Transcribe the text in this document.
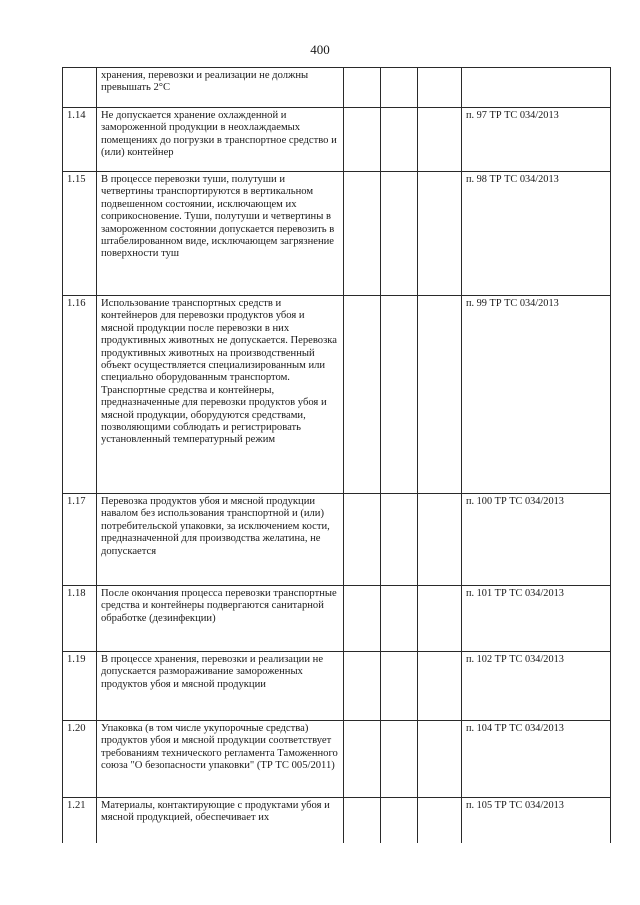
400
	хранения, перевозки и реализации не должны превышать 2°С				
1.14	Не допускается хранение охлажденной и замороженной продукции в неохлаждаемых помещениях до погрузки в транспортное средство и (или) контейнер				п. 97 ТР ТС 034/2013
1.15	В процессе перевозки туши, полутуши и четвертины транспортируются в вертикальном подвешенном состоянии, исключающем их соприкосновение. Туши, полутуши и четвертины в замороженном состоянии допускается перевозить в штабелированном виде, исключающем загрязнение поверхности туш				п. 98 ТР ТС 034/2013
1.16	Использование транспортных средств и контейнеров для перевозки продуктов убоя и мясной продукции после перевозки в них продуктивных животных не допускается. Перевозка продуктивных животных на производственный объект осуществляется специализированным или специально оборудованным транспортом. Транспортные средства и контейнеры, предназначенные для перевозки продуктов убоя и мясной продукции, оборудуются средствами, позволяющими соблюдать и регистрировать установленный температурный режим				п. 99 ТР ТС 034/2013
1.17	Перевозка продуктов убоя и мясной продукции навалом без использования транспортной и (или) потребительской упаковки, за исключением кости, предназначенной для производства желатина, не допускается				п. 100 ТР ТС 034/2013
1.18	После окончания процесса перевозки транспортные средства и контейнеры подвергаются санитарной обработке (дезинфекции)				п. 101 ТР ТС 034/2013
1.19	В процессе хранения, перевозки и реализации не допускается размораживание замороженных продуктов убоя и мясной продукции				п. 102 ТР ТС 034/2013
1.20	Упаковка (в том числе укупорочные средства) продуктов убоя и мясной продукции соответствует требованиям технического регламента Таможенного союза "О безопасности упаковки" (ТР ТС 005/2011)				п. 104 ТР ТС 034/2013
1.21	Материалы, контактирующие с продуктами убоя и мясной продукцией, обеспечивает их				п. 105 ТР ТС 034/2013
